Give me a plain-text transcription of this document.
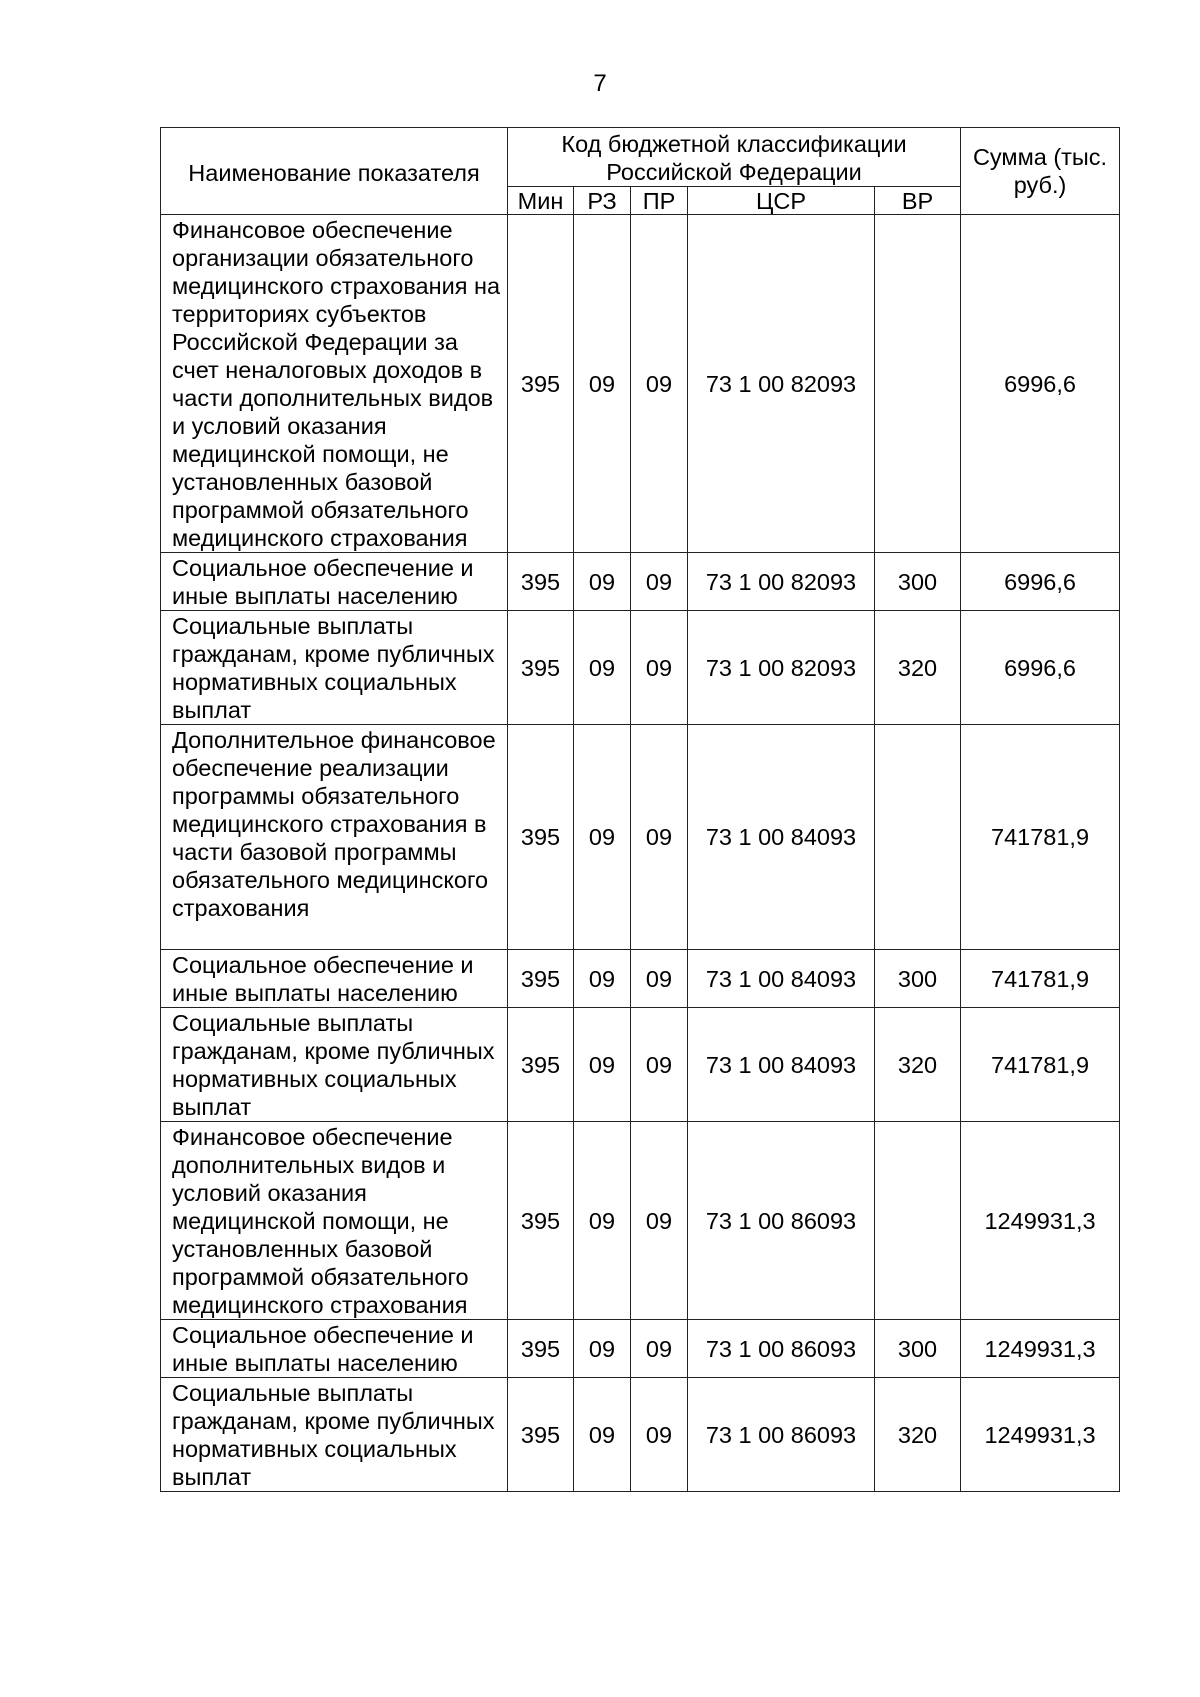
7
Наименование показателя	Код бюджетной классификации Российской Федерации					Сумма (тыс. руб.)
	Мин	РЗ	ПР	ЦСР	ВР	
Финансовое обеспечение организации обязательного медицинского страхования на территориях субъектов Российской Федерации за счет неналоговых доходов в части дополнительных видов и условий оказания медицинской помощи, не установленных базовой программой обязательного медицинского страхования	395	09	09	73 1 00 82093		6996,6
Социальное обеспечение и иные выплаты населению	395	09	09	73 1 00 82093	300	6996,6
Социальные выплаты гражданам, кроме публичных нормативных социальных выплат	395	09	09	73 1 00 82093	320	6996,6
Дополнительное финансовое обеспечение реализации программы обязательного медицинского страхования в части базовой программы обязательного медицинского страхования	395	09	09	73 1 00 84093		741781,9
Социальное обеспечение и иные выплаты населению	395	09	09	73 1 00 84093	300	741781,9
Социальные выплаты гражданам, кроме публичных нормативных социальных выплат	395	09	09	73 1 00 84093	320	741781,9
Финансовое обеспечение дополнительных видов и условий оказания медицинской помощи, не установленных базовой программой обязательного медицинского страхования	395	09	09	73 1 00 86093		1249931,3
Социальное обеспечение и иные выплаты населению	395	09	09	73 1 00 86093	300	1249931,3
Социальные выплаты гражданам, кроме публичных нормативных социальных выплат	395	09	09	73 1 00 86093	320	1249931,3
